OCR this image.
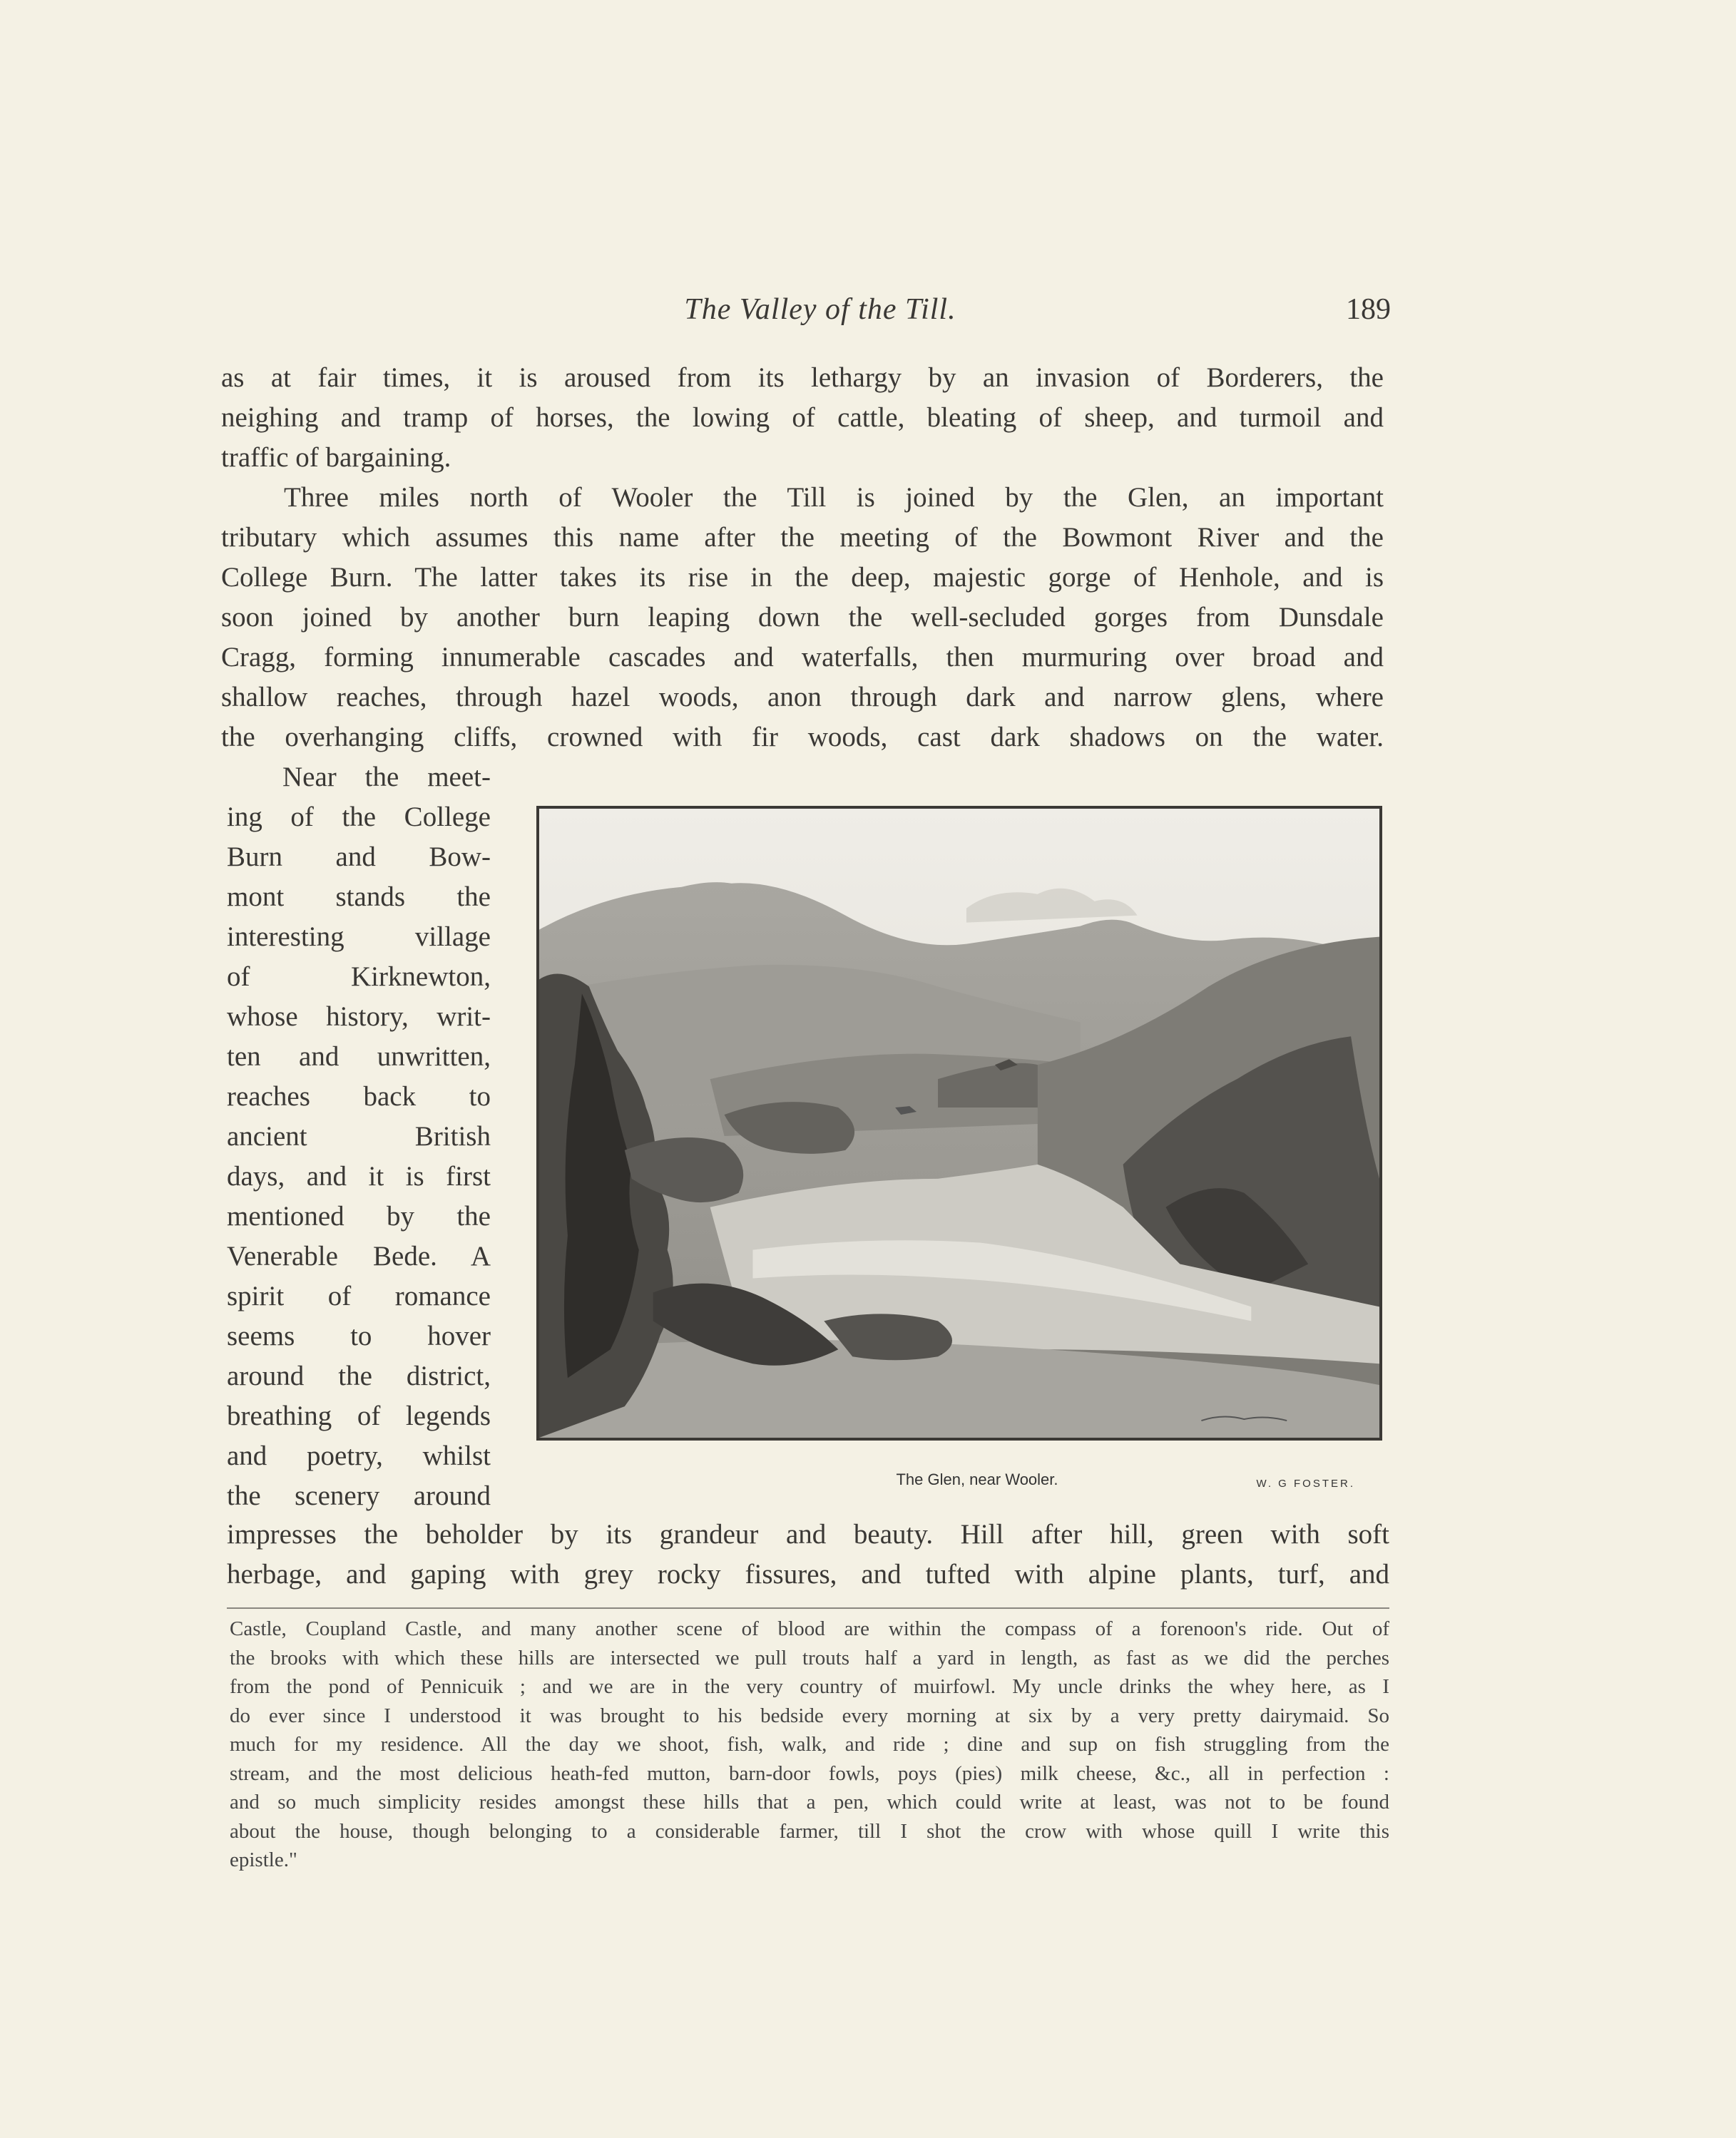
The Valley of the Till.	189
as at fair times, it is aroused from its lethargy by an invasion of Borderers, the
neighing and tramp of horses, the lowing of cattle, bleating of sheep, and turmoil and
traffic of bargaining.
Three miles north of Wooler the Till is joined by the Glen, an important
tributary which assumes this name after the meeting of the Bowmont River and the
College Burn. The latter takes its rise in the deep, majestic gorge of Henhole, and is
soon joined by another burn leaping down the well-secluded gorges from Dunsdale
Cragg, forming innumerable cascades and waterfalls, then murmuring over broad and
shallow reaches, through hazel woods, anon through dark and narrow glens, where
the overhanging cliffs, crowned with fir woods, cast dark shadows on the water.
Near the meet-
ing of the College
Burn and Bow-
mont stands the
interesting village
of Kirknewton,
whose history, writ-
ten and unwritten,
reaches back to
ancient British
days, and it is first
mentioned by the
Venerable Bede. A
spirit of romance
seems to hover
around the district,
breathing of legends
and poetry, whilst
the scenery around
The Glen, near Wooler.	W. G FOSTER.
impresses the beholder by its grandeur and beauty. Hill after hill, green with soft
herbage, and gaping with grey rocky fissures, and tufted with alpine plants, turf, and
Castle, Coupland Castle, and many another scene of blood are within the compass of a forenoon's ride. Out of
the brooks with which these hills are intersected we pull trouts half a yard in length, as fast as we did the perches
from the pond of Pennicuik ; and we are in the very country of muirfowl. My uncle drinks the whey here, as I
do ever since I understood it was brought to his bedside every morning at six by a very pretty dairymaid. So
much for my residence. All the day we shoot, fish, walk, and ride ; dine and sup on fish struggling from the
stream, and the most delicious heath-fed mutton, barn-door fowls, poys (pies) milk cheese, &c., all in perfection :
and so much simplicity resides amongst these hills that a pen, which could write at least, was not to be found
about the house, though belonging to a considerable farmer, till I shot the crow with whose quill I write this
epistle."
